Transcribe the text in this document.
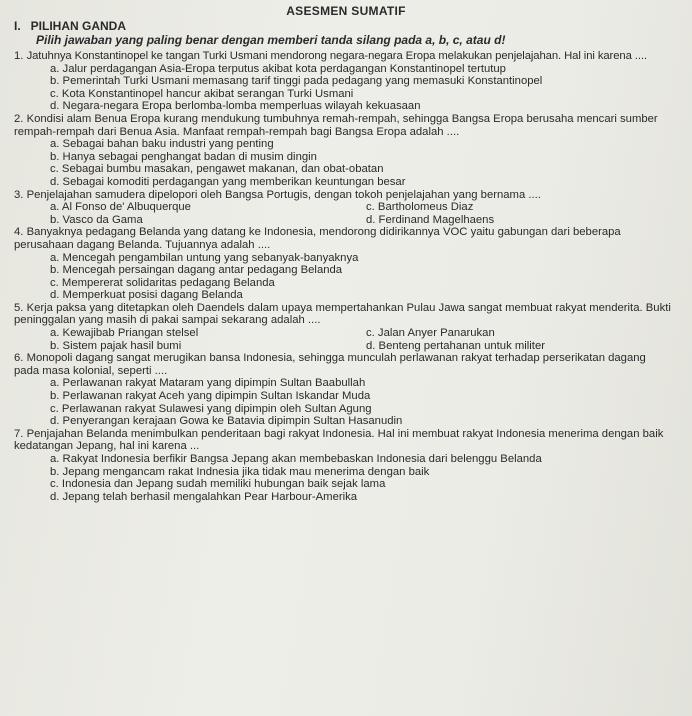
ASESMEN SUMATIF
I.   PILIHAN GANDA
Pilih jawaban yang paling benar dengan memberi tanda silang pada a, b, c, atau d!
1. Jatuhnya Konstantinopel ke tangan Turki Usmani mendorong negara-negara Eropa melakukan penjelajahan. Hal ini karena ....
a. Jalur perdagangan Asia-Eropa terputus akibat kota perdagangan Konstantinopel tertutup
b. Pemerintah Turki Usmani memasang tarif tinggi pada pedagang yang memasuki Konstantinopel
c. Kota Konstantinopel hancur akibat serangan Turki Usmani
d. Negara-negara Eropa berlomba-lomba memperluas wilayah kekuasaan
2. Kondisi alam Benua Eropa kurang mendukung tumbuhnya remah-rempah, sehingga Bangsa Eropa berusaha mencari sumber rempah-rempah dari Benua Asia. Manfaat rempah-rempah bagi Bangsa Eropa adalah ....
a. Sebagai bahan baku industri yang penting
b. Hanya sebagai penghangat badan di musim dingin
c. Sebagai bumbu masakan, pengawet makanan, dan obat-obatan
d. Sebagai komoditi perdagangan yang memberikan keuntungan besar
3. Penjelajahan samudera dipelopori oleh Bangsa Portugis, dengan tokoh penjelajahan yang bernama ....
a. Al Fonso de' Albuquerque	c. Bartholomeus Diaz
b. Vasco da Gama	d. Ferdinand Magelhaens
4. Banyaknya pedagang Belanda yang datang ke Indonesia, mendorong didirikannya VOC yaitu gabungan dari beberapa perusahaan dagang Belanda. Tujuannya adalah ....
a. Mencegah pengambilan untung yang sebanyak-banyaknya
b. Mencegah persaingan dagang antar pedagang Belanda
c. Mempererat solidaritas pedagang Belanda
d. Memperkuat posisi dagang Belanda
5. Kerja paksa yang ditetapkan oleh Daendels dalam upaya mempertahankan Pulau Jawa sangat membuat rakyat menderita. Bukti peninggalan yang masih di pakai sampai sekarang adalah ....
a. Kewajibab Priangan stelsel	c. Jalan Anyer Panarukan
b. Sistem pajak hasil bumi	d. Benteng pertahanan untuk militer
6. Monopoli dagang sangat merugikan bansa Indonesia, sehingga munculah perlawanan rakyat terhadap perserikatan dagang pada masa kolonial, seperti ....
a. Perlawanan rakyat Mataram yang dipimpin Sultan Baabullah
b. Perlawanan rakyat Aceh yang dipimpin Sultan Iskandar Muda
c. Perlawanan rakyat Sulawesi yang dipimpin oleh Sultan Agung
d. Penyerangan kerajaan Gowa ke Batavia dipimpin Sultan Hasanudin
7. Penjajahan Belanda menimbulkan penderitaan bagi rakyat Indonesia. Hal ini membuat rakyat Indonesia menerima dengan baik kedatangan Jepang, hal ini karena ...
a. Rakyat Indonesia berfikir Bangsa Jepang akan membebaskan Indonesia dari belenggu Belanda
b. Jepang mengancam rakat Indnesia jika tidak mau menerima dengan baik
c. Indonesia dan Jepang sudah memiliki hubungan baik sejak lama
d. Jepang telah berhasil mengalahkan Pear Harbour-Amerika
